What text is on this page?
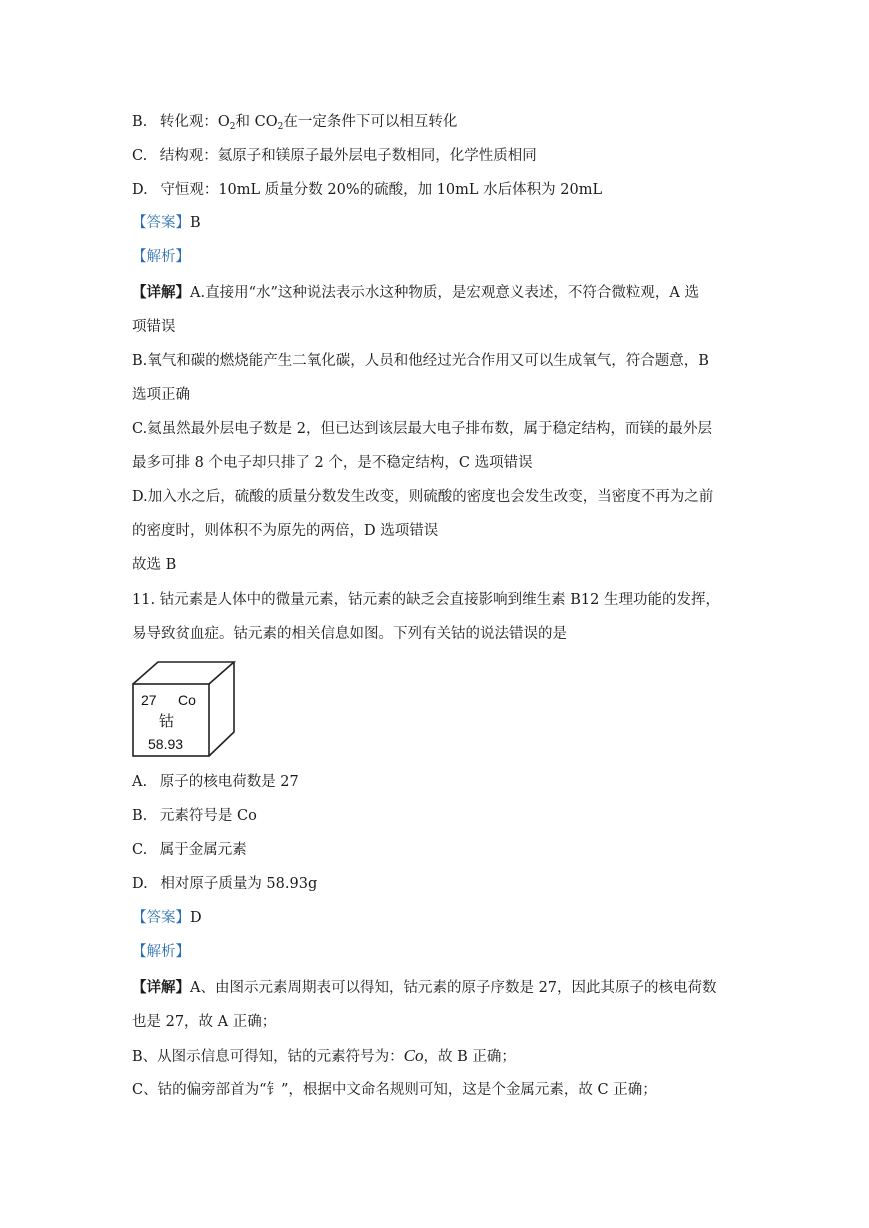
B. 转化观：$O_2$和 $CO_2$在一定条件下可以相互转化
C. 结构观：氦原子和镁原子最外层电子数相同，化学性质相同
D. 守恒观：10mL 质量分数 20%的硫酸，加 10mL 水后体积为 20mL
【答案】B
【解析】
【详解】A.直接用“水”这种说法表示水这种物质，是宏观意义表述，不符合微粒观，A 选
项错误
B.氧气和碳的燃烧能产生二氧化碳，人员和他经过光合作用又可以生成氧气，符合题意，B
选项正确
C.氦虽然最外层电子数是 2，但已达到该层最大电子排布数，属于稳定结构，而镁的最外层
最多可排 8 个电子却只排了 2 个，是不稳定结构，C 选项错误
D.加入水之后，硫酸的质量分数发生改变，则硫酸的密度也会发生改变，当密度不再为之前
的密度时，则体积不为原先的两倍，D 选项错误
故选 B
11. 钴元素是人体中的微量元素，钴元素的缺乏会直接影响到维生素 B12 生理功能的发挥，
易导致贫血症。钴元素的相关信息如图。下列有关钴的说法错误的是
27 Co
钴
58.93
A. 原子的核电荷数是 27
B. 元素符号是 Co
C. 属于金属元素
D. 相对原子质量为 58.93g
【答案】D
【解析】
【详解】A、由图示元素周期表可以得知，钴元素的原子序数是 27，因此其原子的核电荷数
也是 27，故 A 正确；
B、从图示信息可得知，钴的元素符号为：Co，故 B 正确；
C、钴的偏旁部首为“钅”，根据中文命名规则可知，这是个金属元素，故 C 正确；
